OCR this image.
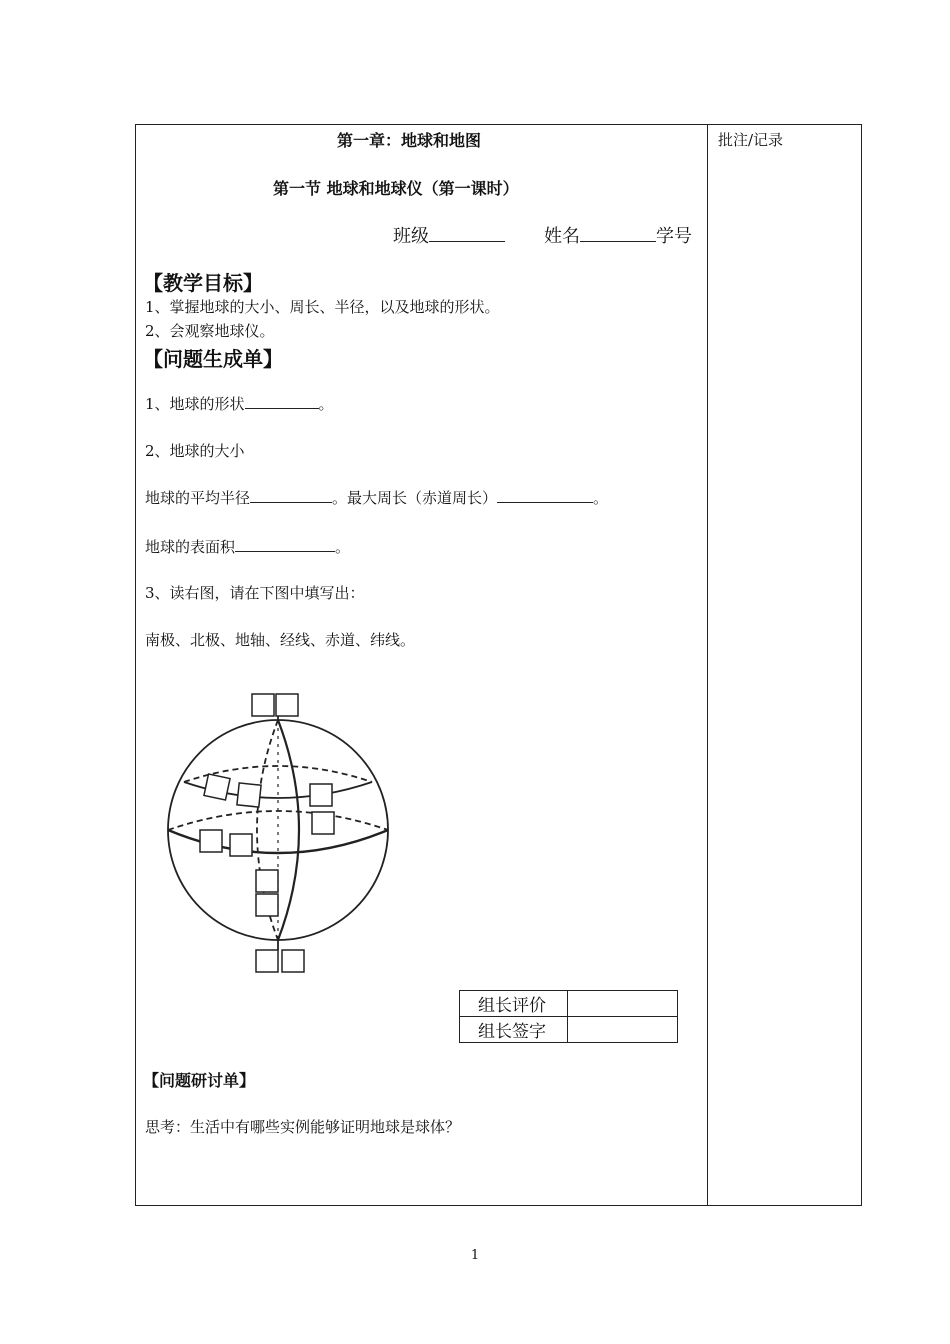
第一章：地球和地图
第一节 地球和地球仪（第一课时）
班级	姓名	学号
批注/记录
【教学目标】
1、掌握地球的大小、周长、半径，以及地球的形状。
2、会观察地球仪。
【问题生成单】
1、地球的形状	。
2、地球的大小
地球的平均半径	。最大周长（赤道周长）	。
地球的表面积	。
3、读右图，请在下图中填写出：
南极、北极、地轴、经线、赤道、纬线。
组长评价	
组长签字	
【问题研讨单】
思考：生活中有哪些实例能够证明地球是球体？
1
